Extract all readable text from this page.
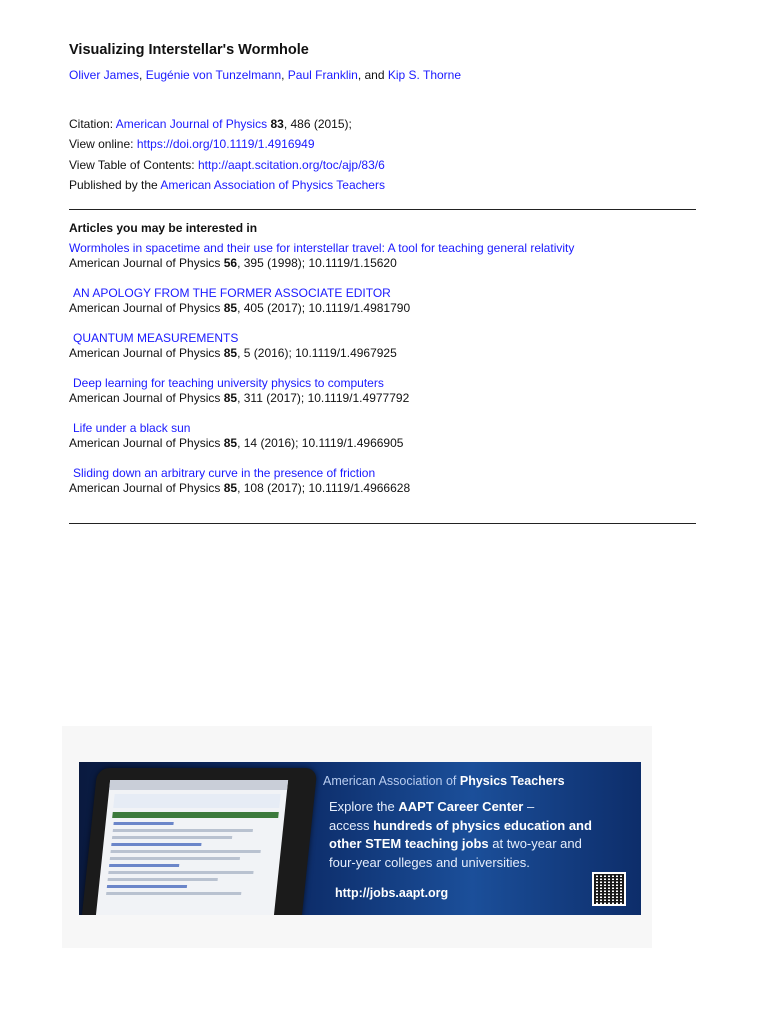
Visualizing Interstellar's Wormhole
Oliver James, Eugénie von Tunzelmann, Paul Franklin, and Kip S. Thorne
Citation: American Journal of Physics 83, 486 (2015);
View online: https://doi.org/10.1119/1.4916949
View Table of Contents: http://aapt.scitation.org/toc/ajp/83/6
Published by the American Association of Physics Teachers
Articles you may be interested in
Wormholes in spacetime and their use for interstellar travel: A tool for teaching general relativity
American Journal of Physics 56, 395 (1998); 10.1119/1.15620
AN APOLOGY FROM THE FORMER ASSOCIATE EDITOR
American Journal of Physics 85, 405 (2017); 10.1119/1.4981790
QUANTUM MEASUREMENTS
American Journal of Physics 85, 5 (2016); 10.1119/1.4967925
Deep learning for teaching university physics to computers
American Journal of Physics 85, 311 (2017); 10.1119/1.4977792
Life under a black sun
American Journal of Physics 85, 14 (2016); 10.1119/1.4966905
Sliding down an arbitrary curve in the presence of friction
American Journal of Physics 85, 108 (2017); 10.1119/1.4966628
American Association of Physics Teachers
Explore the AAPT Career Center –
access hundreds of physics education and
other STEM teaching jobs at two-year and
four-year colleges and universities.
http://jobs.aapt.org
